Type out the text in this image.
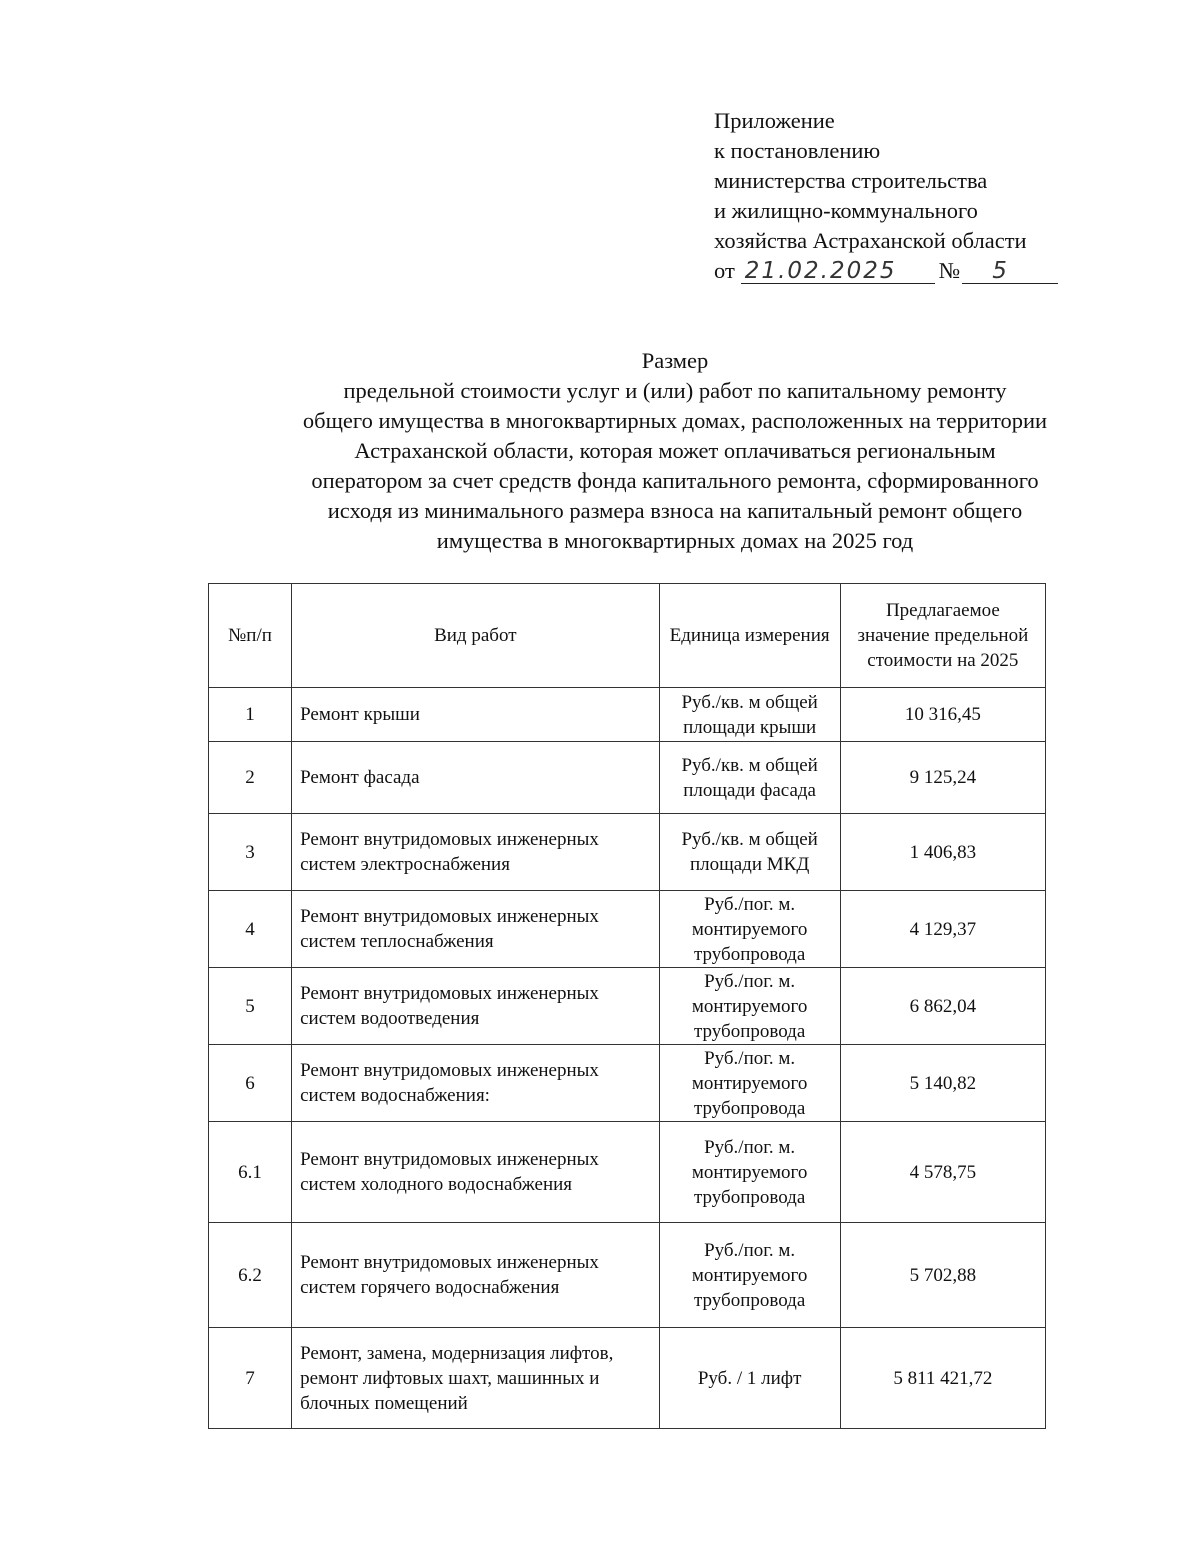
Приложение
к постановлению
министерства строительства
и жилищно-коммунального
хозяйства Астраханской области
от 21.02.2025	№	5
Размер
предельной стоимости услуг и (или) работ по капитальному ремонту
общего имущества в многоквартирных домах, расположенных на территории
Астраханской области, которая может оплачиваться региональным
оператором за счет средств фонда капитального ремонта, сформированного
исходя из минимального размера взноса на капитальный ремонт общего
имущества в многоквартирных домах на 2025 год
№п/п	Вид работ	Единица измерения	Предлагаемое значение предельной стоимости на 2025
1	Ремонт крыши	Руб./кв. м общей площади крыши	10 316,45
2	Ремонт фасада	Руб./кв. м общей площади фасада	9 125,24
3	Ремонт внутридомовых инженерных систем электроснабжения	Руб./кв. м общей площади МКД	1 406,83
4	Ремонт внутридомовых инженерных систем теплоснабжения	Руб./пог. м. монтируемого трубопровода	4 129,37
5	Ремонт внутридомовых инженерных систем водоотведения	Руб./пог. м. монтируемого трубопровода	6 862,04
6	Ремонт внутридомовых инженерных систем водоснабжения:	Руб./пог. м. монтируемого трубопровода	5 140,82
6.1	Ремонт внутридомовых инженерных систем холодного водоснабжения	Руб./пог. м. монтируемого трубопровода	4 578,75
6.2	Ремонт внутридомовых инженерных систем горячего водоснабжения	Руб./пог. м. монтируемого трубопровода	5 702,88
7	Ремонт, замена, модернизация лифтов, ремонт лифтовых шахт, машинных и блочных помещений	Руб. / 1 лифт	5 811 421,72
